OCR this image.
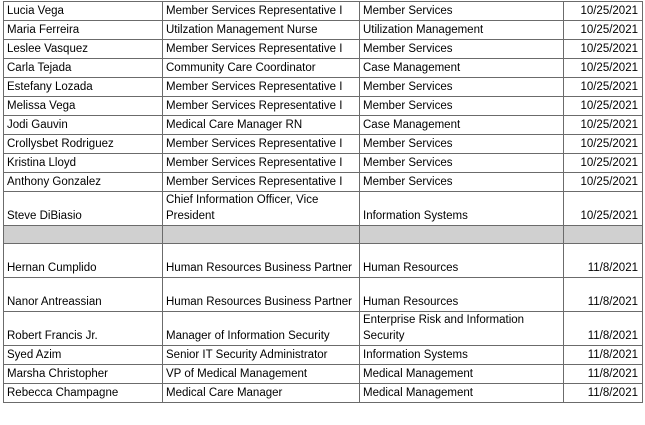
Lucia Vega	Member Services Representative I	Member Services	10/25/2021
Maria Ferreira	Utilzation Management Nurse	Utilization Management	10/25/2021
Leslee Vasquez	Member Services Representative I	Member Services	10/25/2021
Carla Tejada	Community Care Coordinator	Case Management	10/25/2021
Estefany Lozada	Member Services Representative I	Member Services	10/25/2021
Melissa Vega	Member Services Representative I	Member Services	10/25/2021
Jodi Gauvin	Medical Care Manager RN	Case Management	10/25/2021
Crollysbet Rodriguez	Member Services Representative I	Member Services	10/25/2021
Kristina Lloyd	Member Services Representative I	Member Services	10/25/2021
Anthony Gonzalez	Member Services Representative I	Member Services	10/25/2021
Steve DiBiasio	Chief Information Officer, Vice President	Information Systems	10/25/2021

Hernan Cumplido	Human Resources Business Partner	Human Resources	11/8/2021
Nanor Antreassian	Human Resources Business Partner	Human Resources	11/8/2021
Robert Francis Jr.	Manager of Information Security	Enterprise Risk and Information Security	11/8/2021
Syed Azim	Senior IT Security Administrator	Information Systems	11/8/2021
Marsha Christopher	VP of Medical Management	Medical Management	11/8/2021
Rebecca Champagne	Medical Care Manager	Medical Management	11/8/2021
